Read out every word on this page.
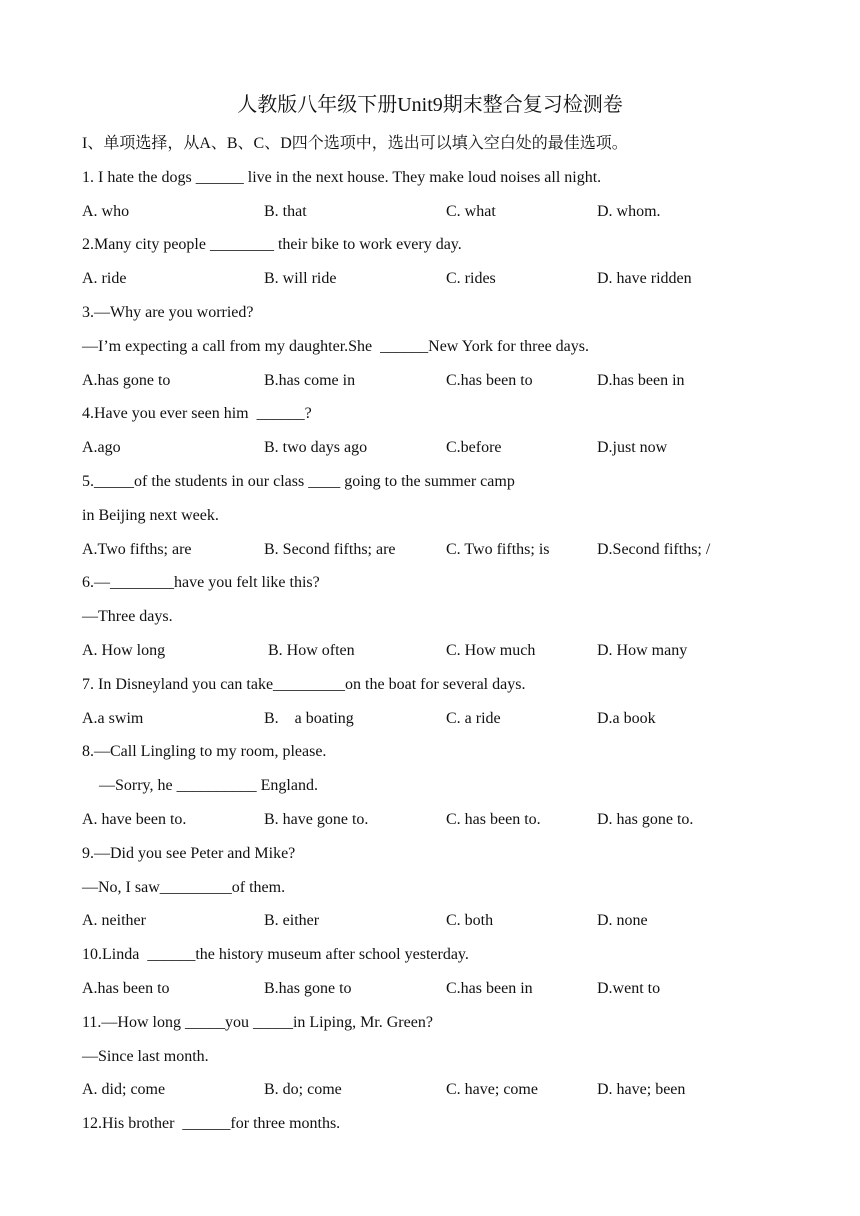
人教版八年级下册Unit9期末整合复习检测卷
I、单项选择，从A、B、C、D四个选项中，选出可以填入空白处的最佳选项。
1. I hate the dogs ______ live in the next house. They make loud noises all night.

A. who

	B. that

	C. what

	D. whom.

2.Many city people ________ their bike to work every day.

A. ride

	B. will ride

	C. rides

	D. have ridden

3.—Why are you worried?
—I’m expecting a call from my daughter.She  ______New York for three days.

A.has gone to

	B.has come in

	C.has been to

	D.has been in

4.Have you ever seen him  ______?

A.ago

	B. two days ago

	C.before

	D.just now

5._____of the students in our class ____ going to the summer camp
in Beijing next week.

A.Two fifths; are

	B. Second fifths; are

	C. Two fifths; is

	D.Second fifths; /

6.—________have you felt like this?
—Three days.

A. How long

	B. How often

	C. How much

	D. How many

7. In Disneyland you can take_________on the boat for several days.

A.a swim

	B.    a boating

	C. a ride

	D.a book

8.—Call Lingling to my room, please.
—Sorry, he __________ England.

A. have been to.

	B. have gone to.

	C. has been to.

	D. has gone to.

9.—Did you see Peter and Mike?
—No, I saw_________of them.

A. neither

	B. either

	C. both

	D. none

10.Linda  ______the history museum after school yesterday.

A.has been to

	B.has gone to

	C.has been in

	D.went to

11.—How long _____you _____in Liping, Mr. Green?
—Since last month.

A. did; come

	B. do; come

	C. have; come

	D. have; been

12.His brother  ______for three months.
